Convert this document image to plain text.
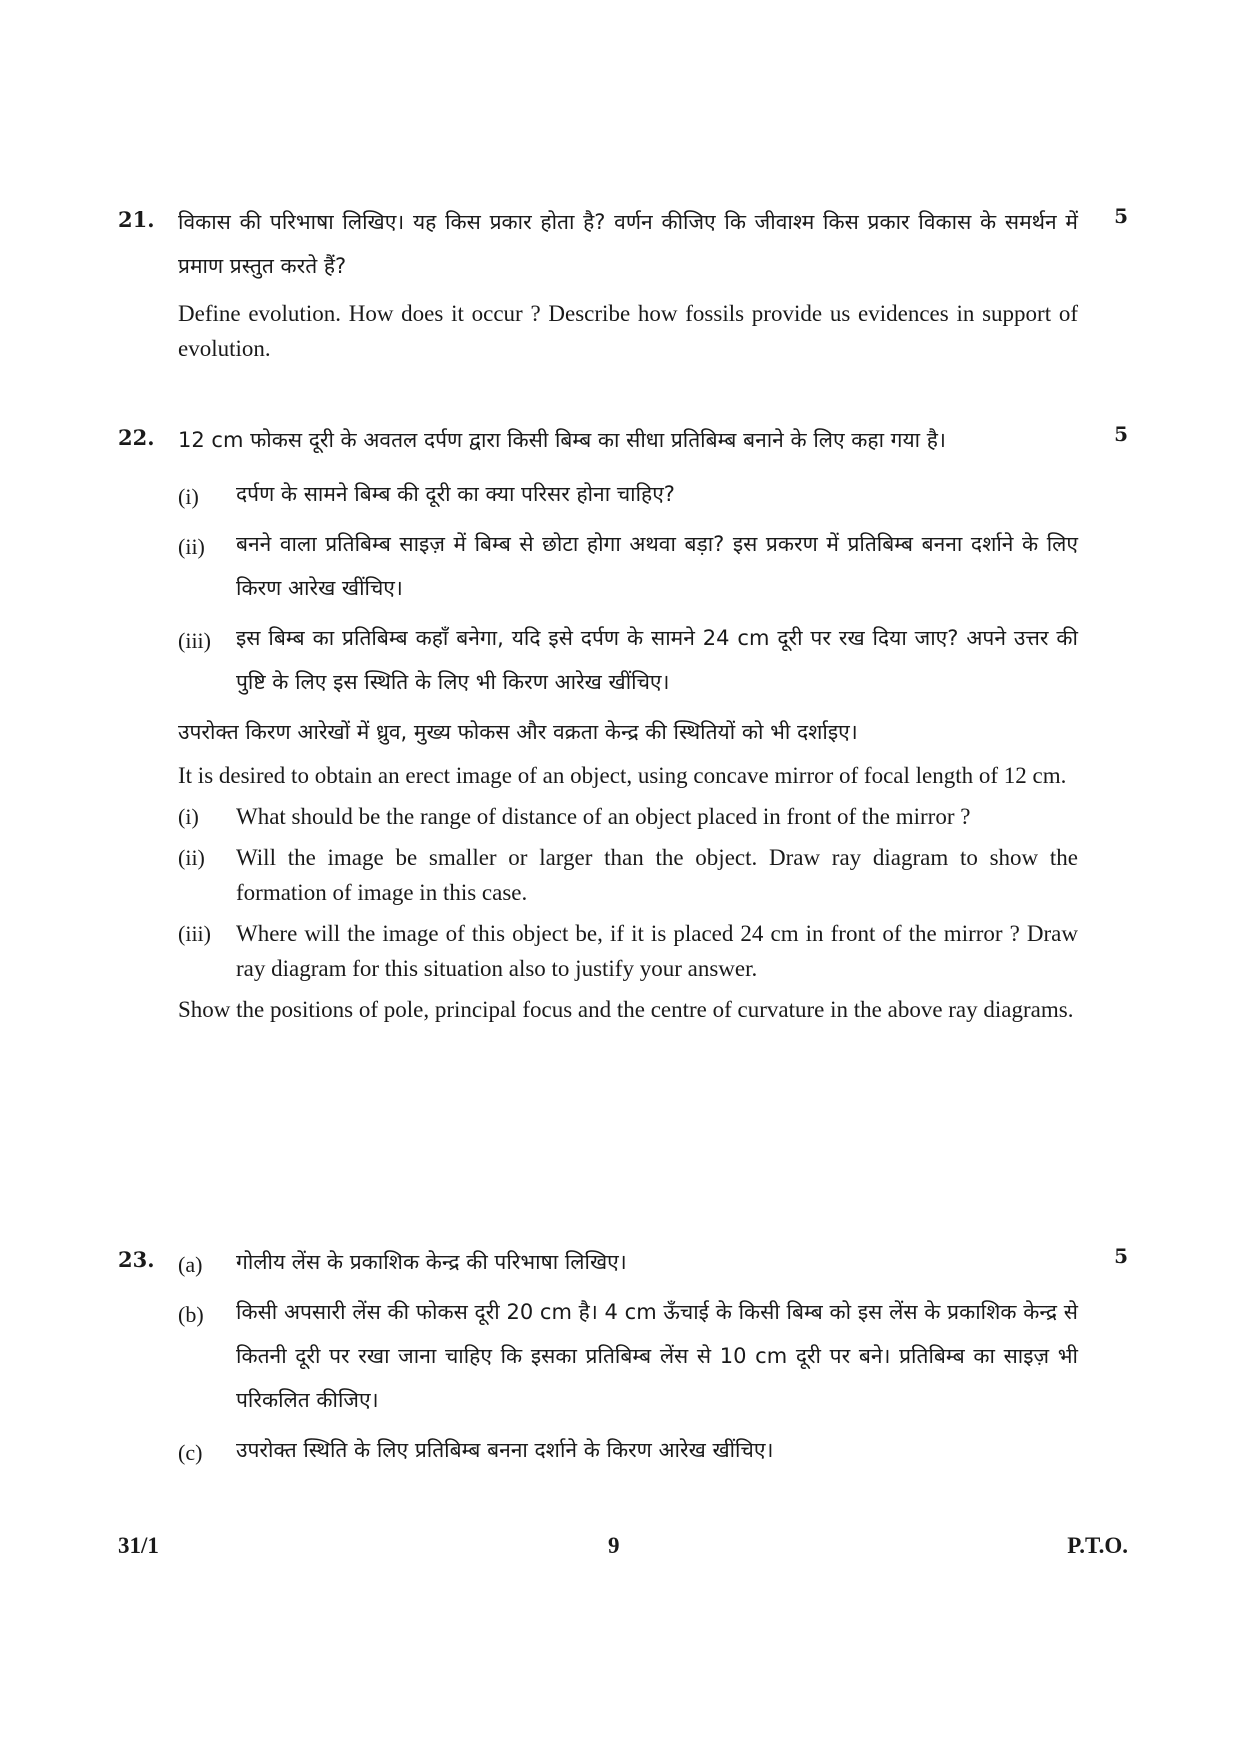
21.	5

विकास की परिभाषा लिखिए। यह किस प्रकार होता है? वर्णन कीजिए कि जीवाश्म किस प्रकार विकास के समर्थन में प्रमाण प्रस्तुत करते हैं?

Define evolution. How does it occur ? Describe how fossils provide us evidences in support of evolution.

22.	5

12 cm फोकस दूरी के अवतल दर्पण द्वारा किसी बिम्ब का सीधा प्रतिबिम्ब बनाने के लिए कहा गया है।

(i) दर्पण के सामने बिम्ब की दूरी का क्या परिसर होना चाहिए?
(ii) बनने वाला प्रतिबिम्ब साइज़ में बिम्ब से छोटा होगा अथवा बड़ा? इस प्रकरण में प्रतिबिम्ब बनना दर्शाने के लिए किरण आरेख खींचिए।
(iii) इस बिम्ब का प्रतिबिम्ब कहाँ बनेगा, यदि इसे दर्पण के सामने 24 cm दूरी पर रख दिया जाए? अपने उत्तर की पुष्टि के लिए इस स्थिति के लिए भी किरण आरेख खींचिए।

उपरोक्त किरण आरेखों में ध्रुव, मुख्य फोकस और वक्रता केन्द्र की स्थितियों को भी दर्शाइए।

It is desired to obtain an erect image of an object, using concave mirror of focal length of 12 cm.

(i) What should be the range of distance of an object placed in front of the mirror ?
(ii) Will the image be smaller or larger than the object. Draw ray diagram to show the formation of image in this case.
(iii) Where will the image of this object be, if it is placed 24 cm in front of the mirror ? Draw ray diagram for this situation also to justify your answer.

Show the positions of pole, principal focus and the centre of curvature in the above ray diagrams.

23.	5
(a) गोलीय लेंस के प्रकाशिक केन्द्र की परिभाषा लिखिए।
(b) किसी अपसारी लेंस की फोकस दूरी 20 cm है। 4 cm ऊँचाई के किसी बिम्ब को इस लेंस के प्रकाशिक केन्द्र से कितनी दूरी पर रखा जाना चाहिए कि इसका प्रतिबिम्ब लेंस से 10 cm दूरी पर बने। प्रतिबिम्ब का साइज़ भी परिकलित कीजिए।
(c) उपरोक्त स्थिति के लिए प्रतिबिम्ब बनना दर्शाने के किरण आरेख खींचिए।
31/1	9	P.T.O.
